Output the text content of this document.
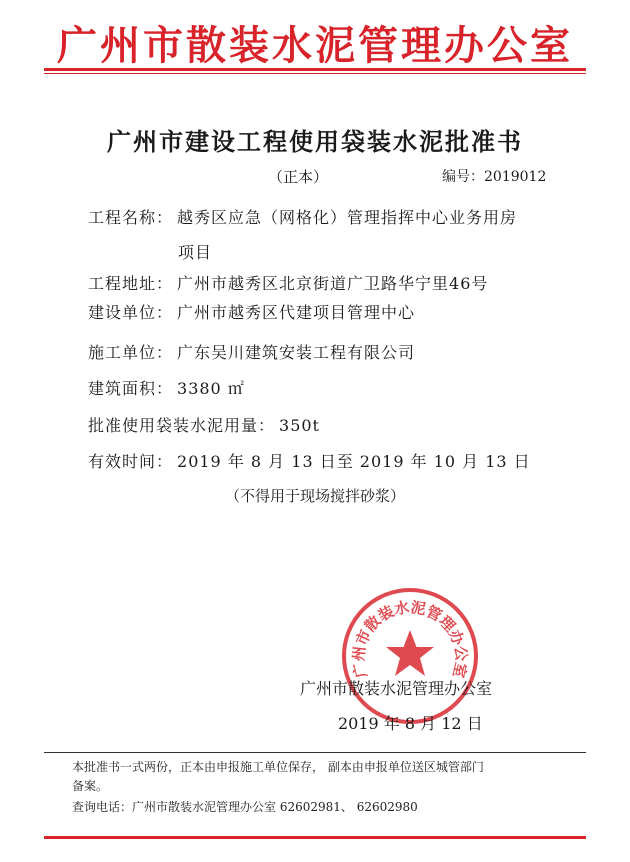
广州市散装水泥管理办公室
广州市建设工程使用袋装水泥批准书
（正本）	编号：2019012
工程名称： 越秀区应急（网格化）管理指挥中心业务用房
项目
工程地址： 广州市越秀区北京街道广卫路华宁里46号
建设单位： 广州市越秀区代建项目管理中心
施工单位： 广东吴川建筑安装工程有限公司
建筑面积： 3380 ㎡
批准使用袋装水泥用量： 350t
有效时间： 2019 年 8 月 13 日至 2019 年 10 月 13 日
（不得用于现场搅拌砂浆）
广州市散装水泥管理办公室
广州市散装水泥管理办公室
2019 年 8 月 12 日
本批准书一式两份，正本由申报施工单位保存， 副本由申报单位送区城管部门
备案。
查询电话：广州市散装水泥管理办公室 62602981、 62602980
